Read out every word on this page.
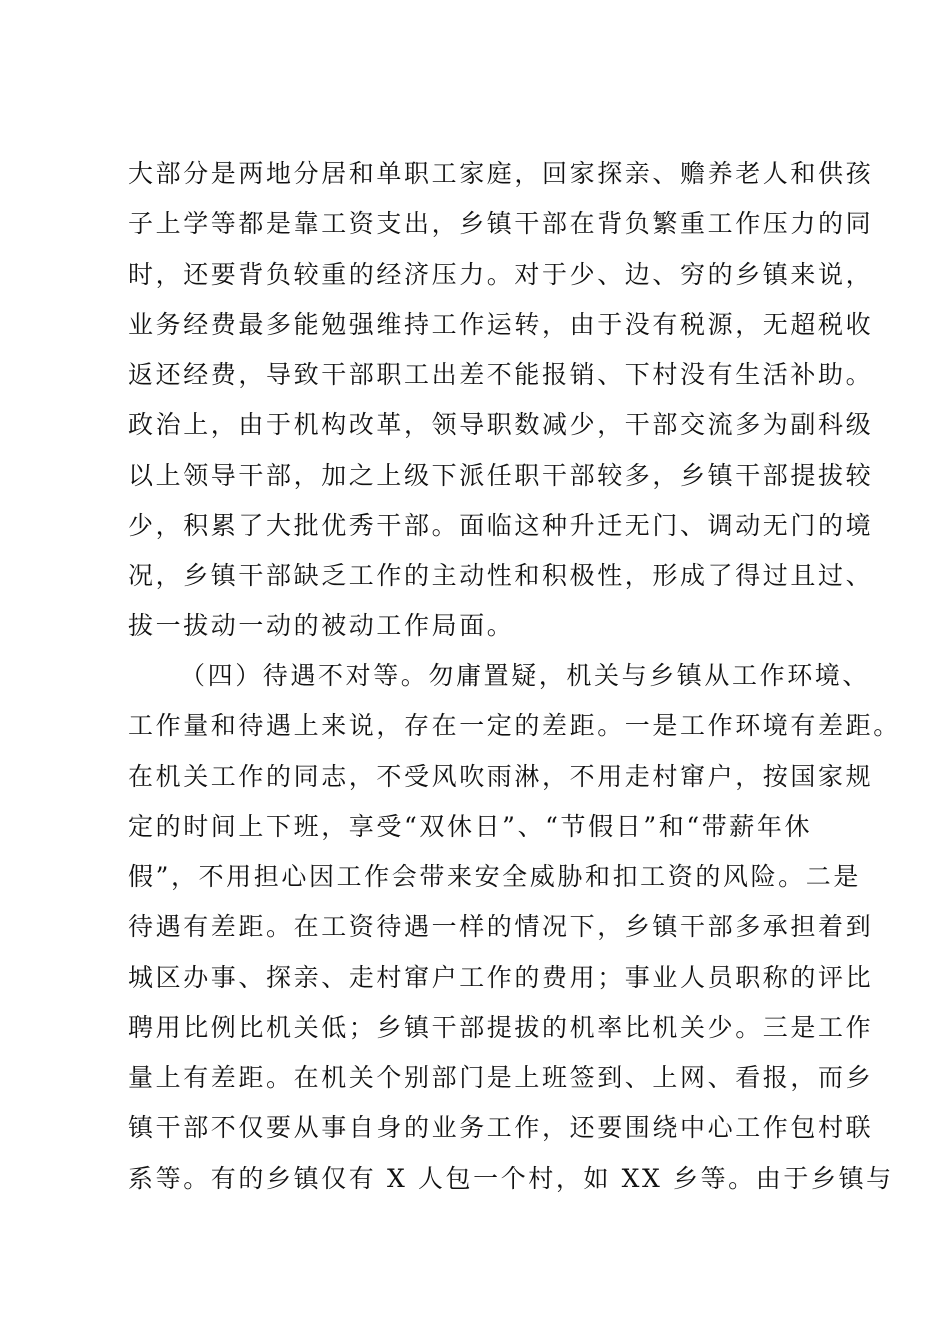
大部分是两地分居和单职工家庭，回家探亲、赡养老人和供孩
子上学等都是靠工资支出，乡镇干部在背负繁重工作压力的同
时，还要背负较重的经济压力。对于少、边、穷的乡镇来说，
业务经费最多能勉强维持工作运转，由于没有税源，无超税收
返还经费，导致干部职工出差不能报销、下村没有生活补助。
政治上，由于机构改革，领导职数减少，干部交流多为副科级
以上领导干部，加之上级下派任职干部较多，乡镇干部提拔较
少，积累了大批优秀干部。面临这种升迁无门、调动无门的境
况，乡镇干部缺乏工作的主动性和积极性，形成了得过且过、
拔一拔动一动的被动工作局面。
（四）待遇不对等。勿庸置疑，机关与乡镇从工作环境、
工作量和待遇上来说，存在一定的差距。一是工作环境有差距。
在机关工作的同志，不受风吹雨淋，不用走村窜户，按国家规
定的时间上下班，享受“双休日”、“节假日”和“带薪年休
假”，不用担心因工作会带来安全威胁和扣工资的风险。二是
待遇有差距。在工资待遇一样的情况下，乡镇干部多承担着到
城区办事、探亲、走村窜户工作的费用；事业人员职称的评比
聘用比例比机关低；乡镇干部提拔的机率比机关少。三是工作
量上有差距。在机关个别部门是上班签到、上网、看报，而乡
镇干部不仅要从事自身的业务工作，还要围绕中心工作包村联
系等。有的乡镇仅有 X 人包一个村，如 XX 乡等。由于乡镇与
